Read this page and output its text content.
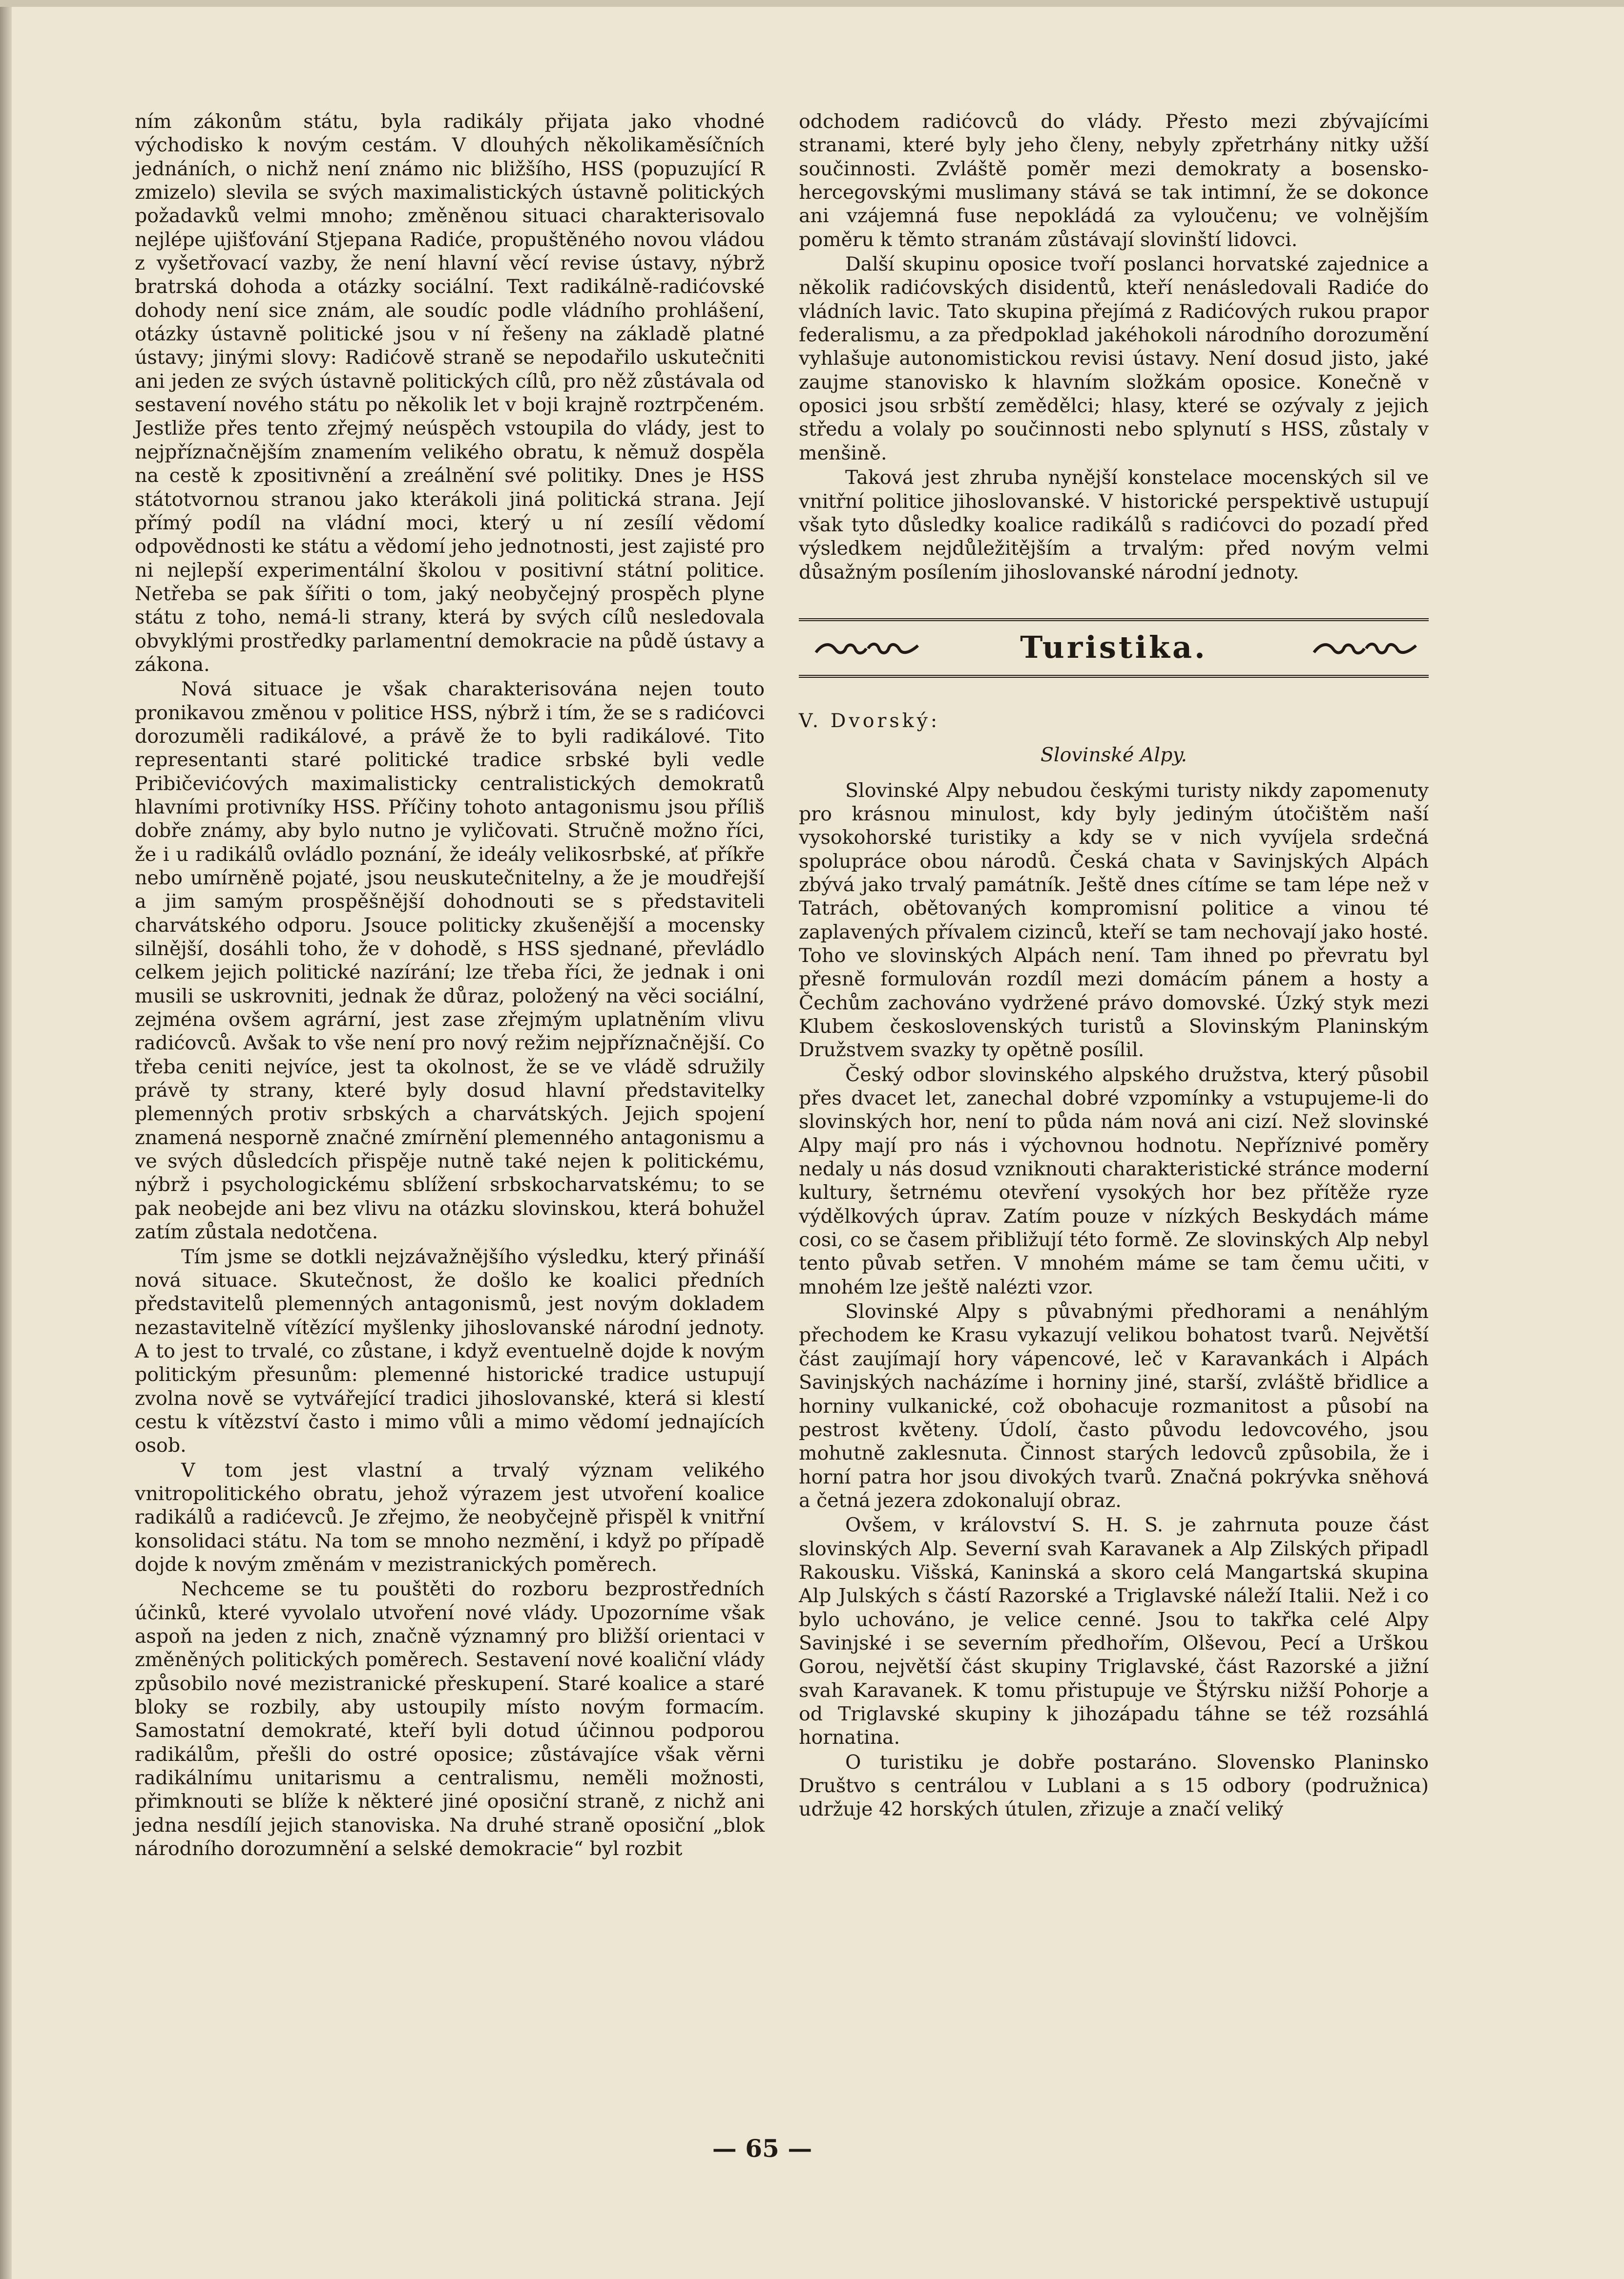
ním zákonům státu, byla radikály přijata jako vhodné východisko k novým cestám. V dlouhých několikaměsíčních jednáních, o nichž není známo nic bližšího, HSS (popuzující R zmizelo) slevila se svých maximalistických ústavně politických požadavků velmi mnoho; změněnou situaci charakterisovalo nejlépe ujišťování Stjepana Radiće, propuštěného novou vládou z vyšetřovací vazby, že není hlavní věcí revise ústavy, nýbrž bratrská dohoda a otázky sociální. Text radikálně-radićovské dohody není sice znám, ale soudíc podle vládního prohlášení, otázky ústavně politické jsou v ní řešeny na základě platné ústavy; jinými slovy: Radićově straně se nepodařilo uskutečniti ani jeden ze svých ústavně politických cílů, pro něž zůstávala od sestavení nového státu po několik let v boji krajně roztrpčeném. Jestliže přes tento zřejmý neúspěch vstoupila do vlády, jest to nejpříznačnějším znamením velikého obratu, k němuž dospěla na cestě k zpositivnění a zreálnění své politiky. Dnes je HSS státotvornou stranou jako kterákoli jiná politická strana. Její přímý podíl na vládní moci, který u ní zesílí vědomí odpovědnosti ke státu a vědomí jeho jednotnosti, jest zajisté pro ni nejlepší experimentální školou v positivní státní politice. Netřeba se pak šířiti o tom, jaký neobyčejný prospěch plyne státu z toho, nemá-li strany, která by svých cílů nesledovala obvyklými prostředky parlamentní demokracie na půdě ústavy a zákona.

Nová situace je však charakterisována nejen touto pronikavou změnou v politice HSS, nýbrž i tím, že se s radićovci dorozuměli radikálové, a právě že to byli radikálové. Tito representanti staré politické tradice srbské byli vedle Pribičevićových maximalisticky centralistických demokratů hlavními protivníky HSS. Příčiny tohoto antagonismu jsou příliš dobře známy, aby bylo nutno je vyličovati. Stručně možno říci, že i u radikálů ovládlo poznání, že ideály velikosrbské, ať příkře nebo umírněně pojaté, jsou neuskutečnitelny, a že je moudřejší a jim samým prospěšnější dohodnouti se s představiteli charvátského odporu. Jsouce politicky zkušenější a mocensky silnější, dosáhli toho, že v dohodě, s HSS sjednané, převládlo celkem jejich politické nazírání; lze třeba říci, že jednak i oni musili se uskrovniti, jednak že důraz, položený na věci sociální, zejména ovšem agrární, jest zase zřejmým uplatněním vlivu radićovců. Avšak to vše není pro nový režim nejpříznačnější. Co třeba ceniti nejvíce, jest ta okolnost, že se ve vládě sdružily právě ty strany, které byly dosud hlavní představitelky plemenných protiv srbských a charvátských. Jejich spojení znamená nesporně značné zmírnění plemenného antagonismu a ve svých důsledcích přispěje nutně také nejen k politickému, nýbrž i psychologickému sblížení srbskocharvatskému; to se pak neobejde ani bez vlivu na otázku slovinskou, která bohužel zatím zůstala nedotčena.

Tím jsme se dotkli nejzávažnějšího výsledku, který přináší nová situace. Skutečnost, že došlo ke koalici předních představitelů plemenných antagonismů, jest novým dokladem nezastavitelně vítězící myšlenky jihoslovanské národní jednoty. A to jest to trvalé, co zůstane, i když eventuelně dojde k novým politickým přesunům: plemenné historické tradice ustupují zvolna nově se vytvářející tradici jihoslovanské, která si klestí cestu k vítězství často i mimo vůli a mimo vědomí jednajících osob.

V tom jest vlastní a trvalý význam velikého vnitropolitického obratu, jehož výrazem jest utvoření koalice radikálů a radićevců. Je zřejmo, že neobyčejně přispěl k vnitřní konsolidaci státu. Na tom se mnoho nezmění, i když po případě dojde k novým změnám v mezistranických poměrech.

Nechceme se tu pouštěti do rozboru bezprostředních účinků, které vyvolalo utvoření nové vlády. Upozorníme však aspoň na jeden z nich, značně významný pro bližší orientaci v změněných politických poměrech. Sestavení nové koaliční vlády způsobilo nové mezistranické přeskupení. Staré koalice a staré bloky se rozbily, aby ustoupily místo novým formacím. Samostatní demokraté, kteří byli dotud účinnou podporou radikálům, přešli do ostré oposice; zůstávajíce však věrni radikálnímu unitarismu a centralismu, neměli možnosti, přimknouti se blíže k některé jiné oposiční straně, z nichž ani jedna nesdílí jejich stanoviska. Na druhé straně oposiční „blok národního dorozumnění a selské demokracie“ byl rozbit

odchodem radićovců do vlády. Přesto mezi zbývajícími stranami, které byly jeho členy, nebyly zpřetrhány nitky užší součinnosti. Zvláště poměr mezi demokraty a bosensko-hercegovskými muslimany stává se tak intimní, že se dokonce ani vzájemná fuse nepokládá za vyloučenu; ve volnějším poměru k těmto stranám zůstávají slovinští lidovci.

Další skupinu oposice tvoří poslanci horvatské zajednice a několik radićovských disidentů, kteří nenásledovali Radiće do vládních lavic. Tato skupina přejímá z Radićových rukou prapor federalismu, a za předpoklad jakéhokoli národního dorozumění vyhlašuje autonomistickou revisi ústavy. Není dosud jisto, jaké zaujme stanovisko k hlavním složkám oposice. Konečně v oposici jsou srbští zemědělci; hlasy, které se ozývaly z jejich středu a volaly po součinnosti nebo splynutí s HSS, zůstaly v menšině.

Taková jest zhruba nynější konstelace mocenských sil ve vnitřní politice jihoslovanské. V historické perspektivě ustupují však tyto důsledky koalice radikálů s radićovci do pozadí před výsledkem nejdůležitějším a trvalým: před novým velmi důsažným posílením jihoslovanské národní jednoty.

Turistika.
V. Dvorský:
Slovinské Alpy.

Slovinské Alpy nebudou českými turisty nikdy zapomenuty pro krásnou minulost, kdy byly jediným útočištěm naší vysokohorské turistiky a kdy se v nich vyvíjela srdečná spolupráce obou národů. Česká chata v Savinjských Alpách zbývá jako trvalý památník. Ještě dnes cítíme se tam lépe než v Tatrách, obětovaných kompromisní politice a vinou té zaplavených přívalem cizinců, kteří se tam nechovají jako hosté. Toho ve slovinských Alpách není. Tam ihned po převratu byl přesně formulován rozdíl mezi domácím pánem a hosty a Čechům zachováno vydržené právo domovské. Úzký styk mezi Klubem československých turistů a Slovinským Planinským Družstvem svazky ty opětně posílil.

Český odbor slovinského alpského družstva, který působil přes dvacet let, zanechal dobré vzpomínky a vstupujeme-li do slovinských hor, není to půda nám nová ani cizí. Než slovinské Alpy mají pro nás i výchovnou hodnotu. Nepříznivé poměry nedaly u nás dosud vzniknouti charakteristické stránce moderní kultury, šetrnému otevření vysokých hor bez přítěže ryze výdělkových úprav. Zatím pouze v nízkých Beskydách máme cosi, co se časem přibližují této formě. Ze slovinských Alp nebyl tento půvab setřen. V mnohém máme se tam čemu učiti, v mnohém lze ještě nalézti vzor.

Slovinské Alpy s půvabnými předhorami a nenáhlým přechodem ke Krasu vykazují velikou bohatost tvarů. Největší část zaujímají hory vápencové, leč v Karavankách i Alpách Savinjských nacházíme i horniny jiné, starší, zvláště břidlice a horniny vulkanické, což obohacuje rozmanitost a působí na pestrost květeny. Údolí, často původu ledovcového, jsou mohutně zaklesnuta. Činnost starých ledovců způsobila, že i horní patra hor jsou divokých tvarů. Značná pokrývka sněhová a četná jezera zdokonalují obraz.

Ovšem, v království S. H. S. je zahrnuta pouze část slovinských Alp. Severní svah Karavanek a Alp Zilských připadl Rakousku. Višská, Kaninská a skoro celá Mangartská skupina Alp Julských s částí Razorské a Triglavské náleží Italii. Než i co bylo uchováno, je velice cenné. Jsou to takřka celé Alpy Savinjské i se severním předhořím, Olševou, Pecí a Urškou Gorou, největší část skupiny Triglavské, část Razorské a jižní svah Karavanek. K tomu přistupuje ve Štýrsku nižší Pohorje a od Triglavské skupiny k jihozápadu táhne se též rozsáhlá hornatina.

O turistiku je dobře postaráno. Slovensko Planinsko Društvo s centrálou v Lublani a s 15 odbory (podružnica) udržuje 42 horských útulen, zřizuje a značí veliký

— 65 —
